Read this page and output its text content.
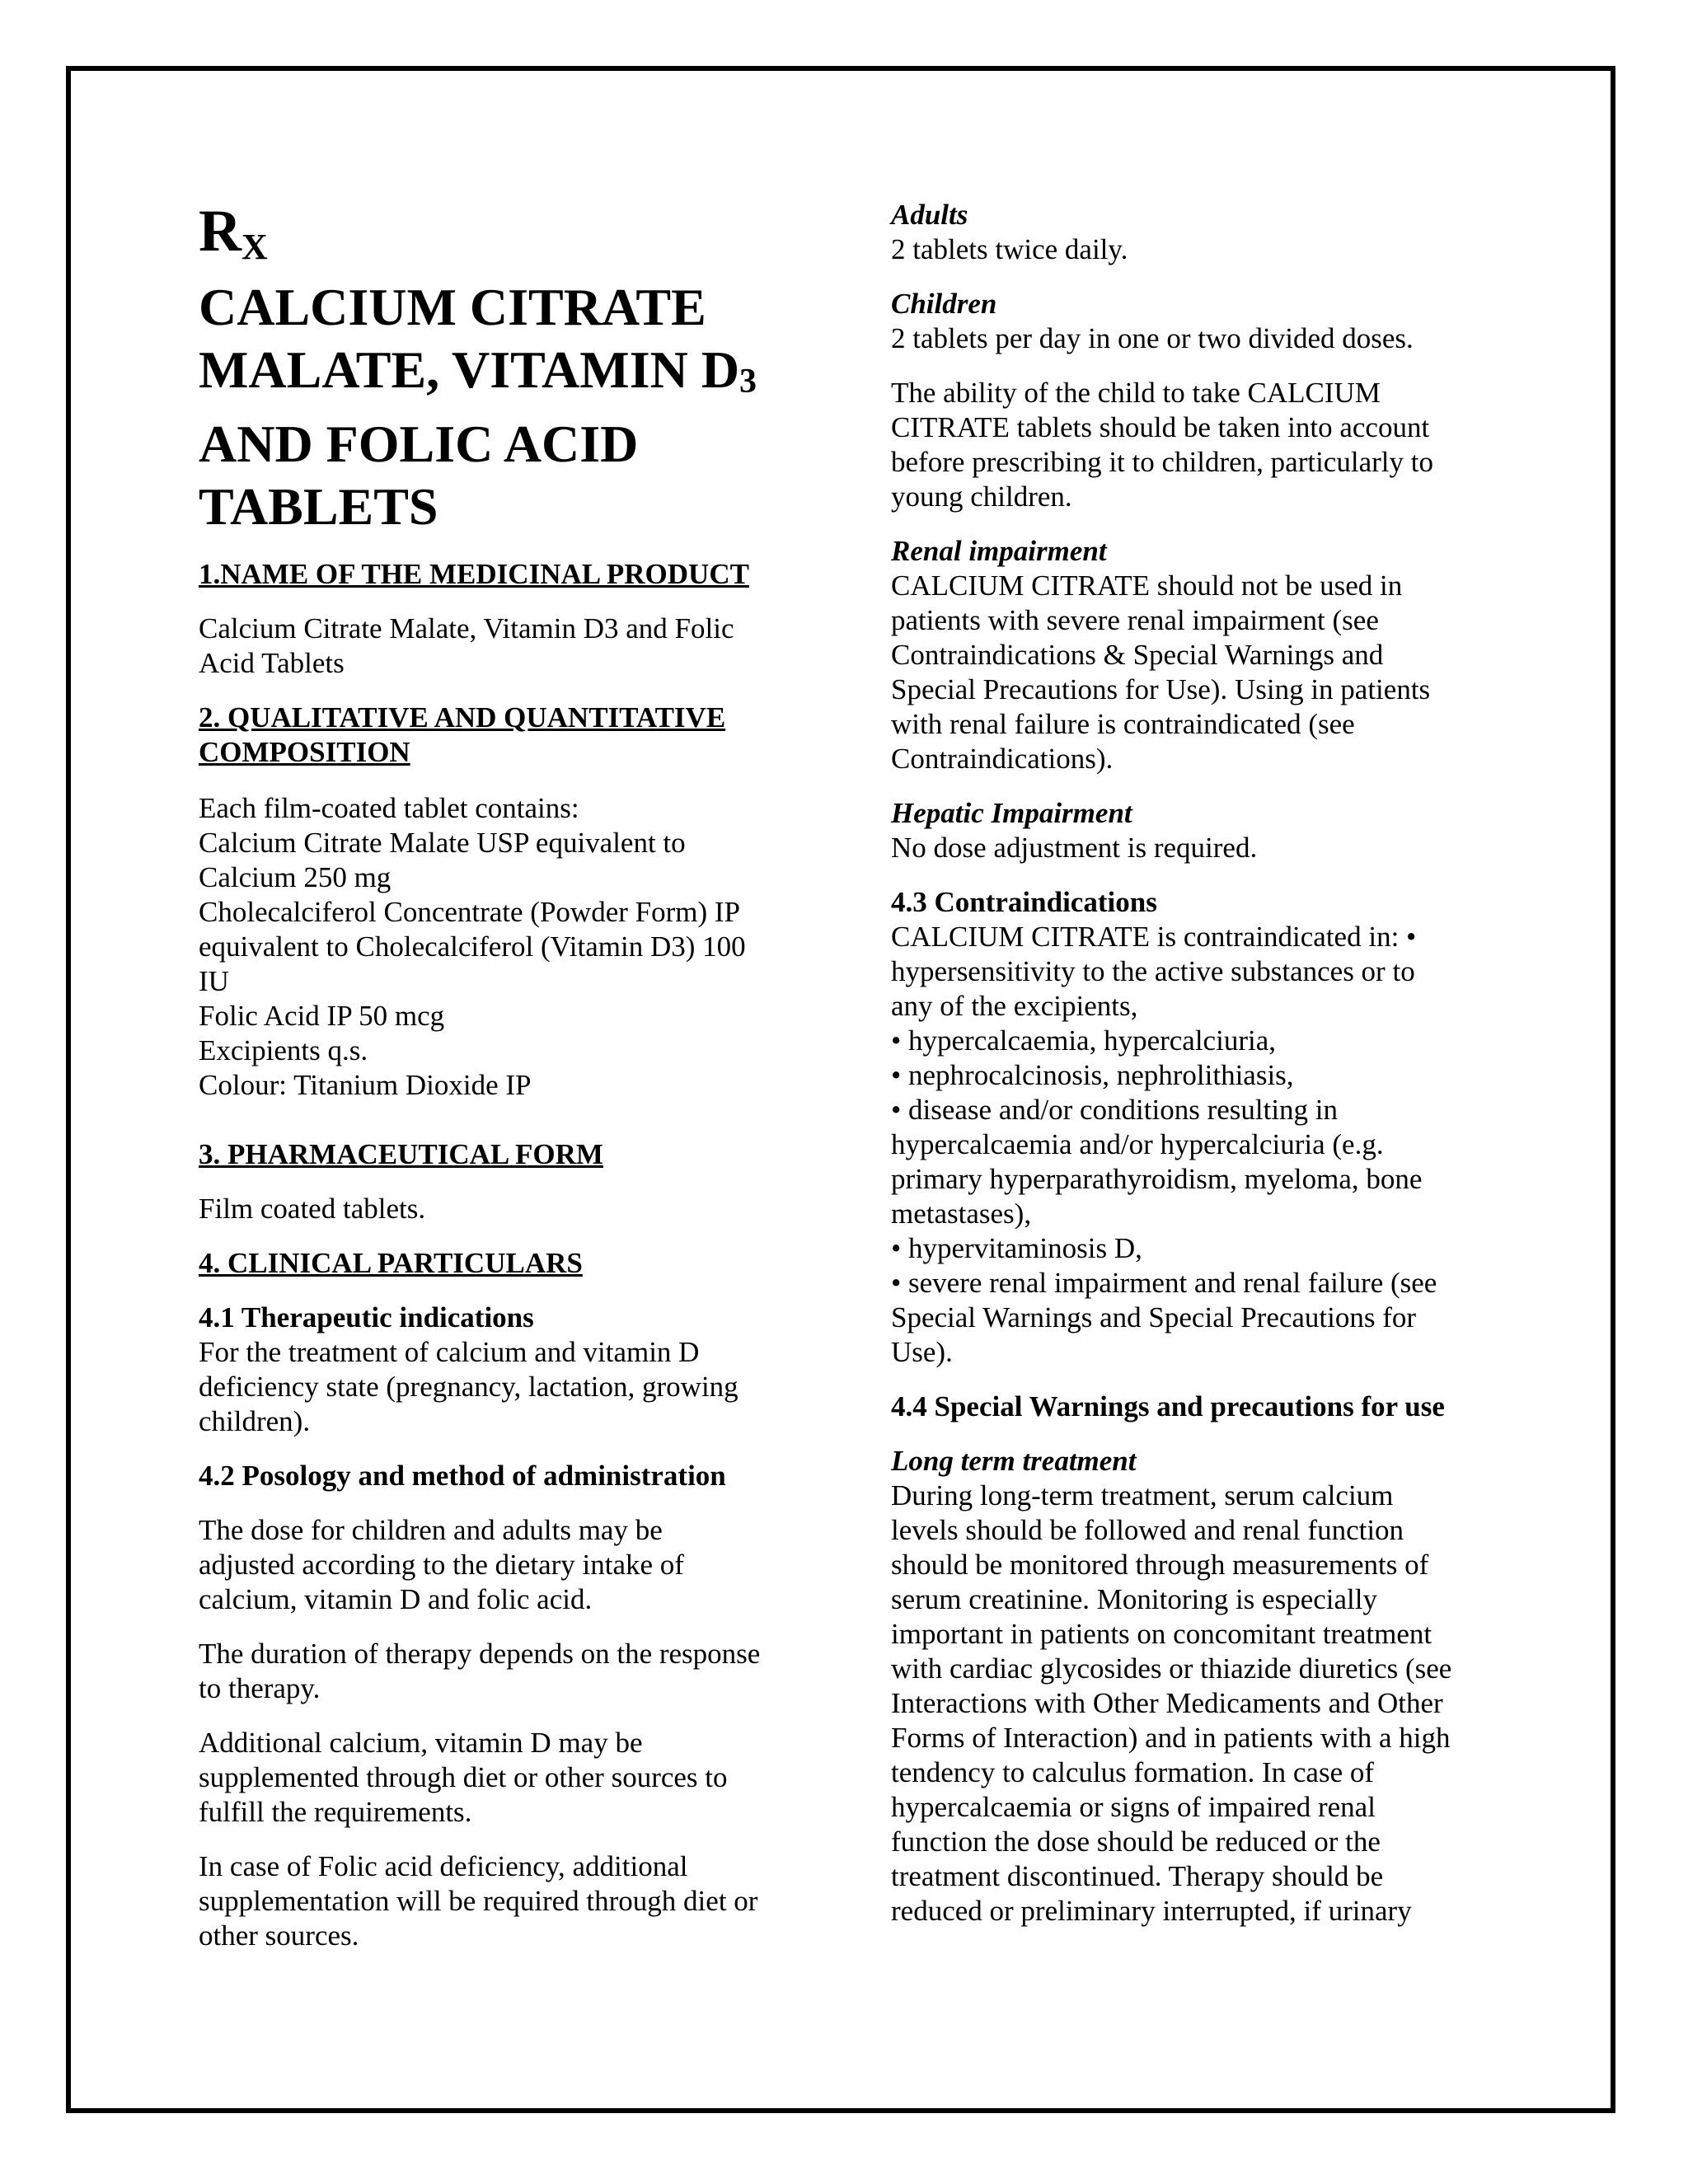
$R_X$

CALCIUM CITRATE

MALATE, VITAMIN $D_3$

AND FOLIC ACID

TABLETS

1.NAME OF THE MEDICINAL PRODUCT

Calcium Citrate Malate, Vitamin D3 and Folic

Acid Tablets

2. QUALITATIVE AND QUANTITATIVE

COMPOSITION

Each film-coated tablet contains:

Calcium Citrate Malate USP equivalent to

Calcium 250 mg

Cholecalciferol Concentrate (Powder Form) IP

equivalent to Cholecalciferol (Vitamin D3) 100

IU

Folic Acid IP 50 mcg

Excipients q.s.

Colour: Titanium Dioxide IP

3. PHARMACEUTICAL FORM

Film coated tablets.

4. CLINICAL PARTICULARS

4.1 Therapeutic indications

For the treatment of calcium and vitamin D

deficiency state (pregnancy, lactation, growing

children).

4.2 Posology and method of administration

The dose for children and adults may be

adjusted according to the dietary intake of

calcium, vitamin D and folic acid.

The duration of therapy depends on the response

to therapy.

Additional calcium, vitamin D may be

supplemented through diet or other sources to

fulfill the requirements.

In case of Folic acid deficiency, additional

supplementation will be required through diet or

other sources.

Adults

2 tablets twice daily.

Children

2 tablets per day in one or two divided doses.

The ability of the child to take CALCIUM

CITRATE tablets should be taken into account

before prescribing it to children, particularly to

young children.

Renal impairment

CALCIUM CITRATE should not be used in

patients with severe renal impairment (see

Contraindications & Special Warnings and

Special Precautions for Use). Using in patients

with renal failure is contraindicated (see

Contraindications).

Hepatic Impairment

No dose adjustment is required.

4.3 Contraindications

CALCIUM CITRATE is contraindicated in: •

hypersensitivity to the active substances or to

any of the excipients,

• hypercalcaemia, hypercalciuria,

• nephrocalcinosis, nephrolithiasis,

• disease and/or conditions resulting in

hypercalcaemia and/or hypercalciuria (e.g.

primary hyperparathyroidism, myeloma, bone

metastases),

• hypervitaminosis D,

• severe renal impairment and renal failure (see

Special Warnings and Special Precautions for

Use).

4.4 Special Warnings and precautions for use

Long term treatment

During long-term treatment, serum calcium

levels should be followed and renal function

should be monitored through measurements of

serum creatinine. Monitoring is especially

important in patients on concomitant treatment

with cardiac glycosides or thiazide diuretics (see

Interactions with Other Medicaments and Other

Forms of Interaction) and in patients with a high

tendency to calculus formation. In case of

hypercalcaemia or signs of impaired renal

function the dose should be reduced or the

treatment discontinued. Therapy should be

reduced or preliminary interrupted, if urinary
